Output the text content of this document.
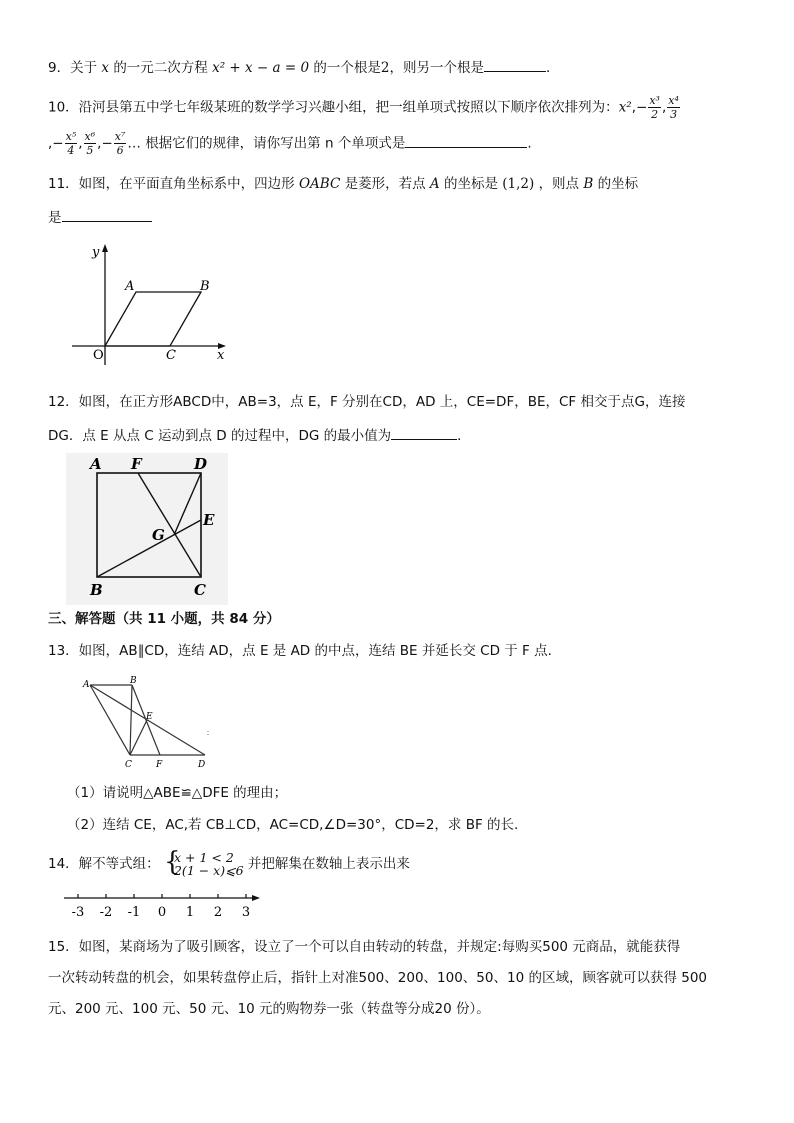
9．关于 x 的一元二次方程 x² + x − a = 0 的一个根是2，则另一个根是	．
10．沿河县第五中学七年级某班的数学学习兴趣小组，把一组单项式按照以下顺序依次排列为：$x^2,- \frac{\text{x³}}{2}$ , $\frac{\text{x⁴}}{3}$
,− $\frac{\text{x⁵}}{4}$ , $\frac{\text{x⁶}}{5}$ ,− $\frac{\text{x⁷}}{6}$ … 根据它们的规律，请你写出第 n 个单项式是	.
11．如图，在平面直角坐标系中，四边形 OABC 是菱形，若点 A 的坐标是 (1,2) ，则点 B 的坐标
是
y
x
O
A	B
C
12．如图，在正方形ABCD中，AB=3，点 E，F 分别在CD，AD 上，CE=DF，BE，CF 相交于点G，连接
DG．点 E 从点 C 运动到点 D 的过程中，DG 的最小值为	．
A F	D
G
E
B	C
三、解答题（共 11 小题，共 84 分）
13．如图，AB∥CD，连结 AD，点 E 是 AD 的中点，连结 BE 并延长交 CD 于 F 点.
A	B
E
C	F	D
（1）请说明△ABE≌△DFE 的理由；
（2）连结 CE，AC,若 CB⊥CD，AC=CD,∠D=30°，CD=2，求 BF 的长.
14．解不等式组： {
x + 1 < 2
2(1 − x)⩽6 并把解集在数轴上表示出来
-3 -2 -1 0 1 2 3
15．如图，某商场为了吸引顾客，设立了一个可以自由转动的转盘，并规定:每购买500 元商品，就能获得
一次转动转盘的机会，如果转盘停止后，指针上对准500、200、100、50、10 的区域，顾客就可以获得 500
元、200 元、100 元、50 元、10 元的购物券一张（转盘等分成20 份）。
